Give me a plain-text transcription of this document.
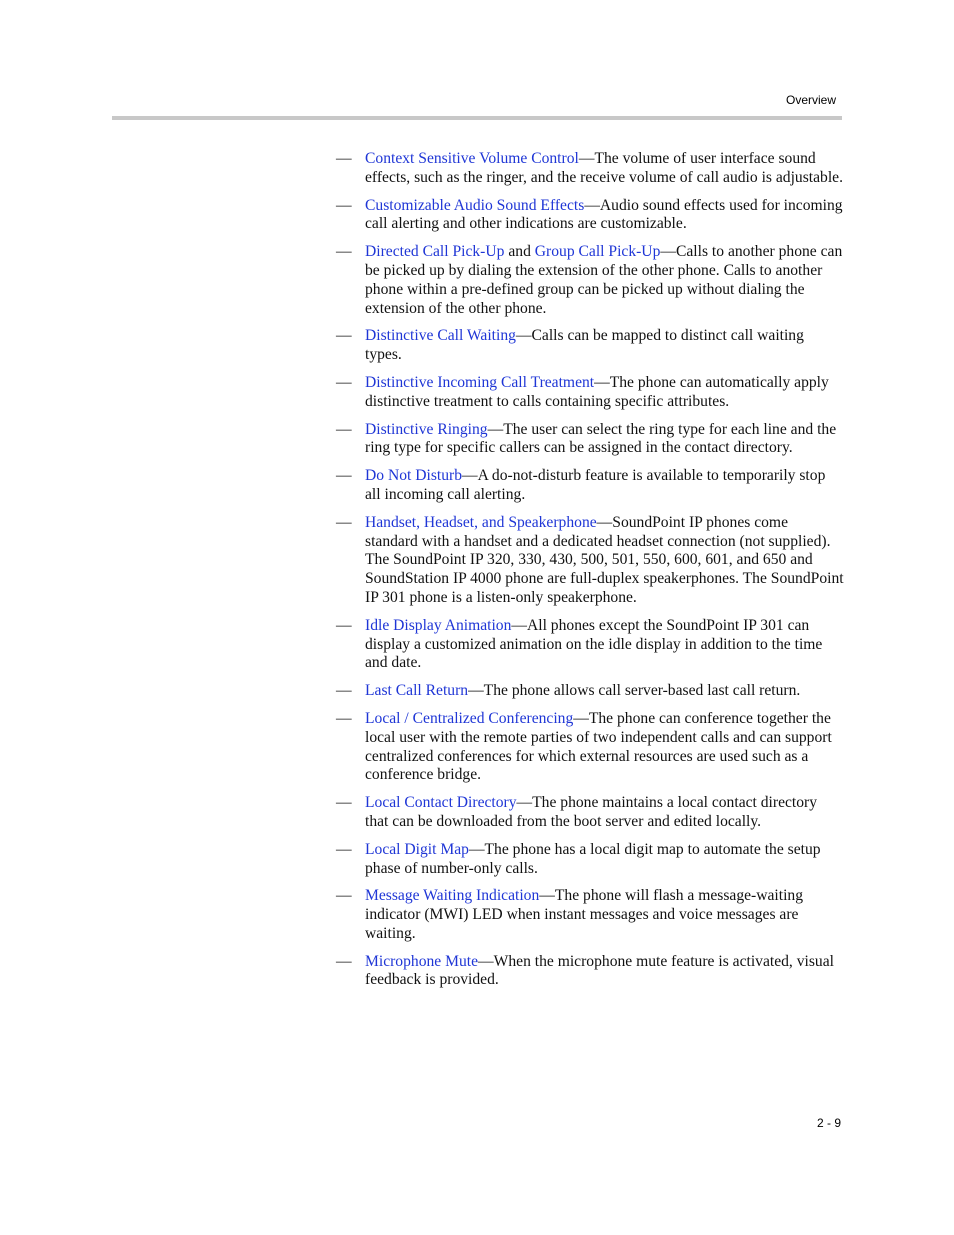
Overview
— Context Sensitive Volume Control—The volume of user interface sound effects, such as the ringer, and the receive volume of call audio is adjustable.
— Customizable Audio Sound Effects—Audio sound effects used for incoming call alerting and other indications are customizable.
— Directed Call Pick-Up and Group Call Pick-Up—Calls to another phone can be picked up by dialing the extension of the other phone. Calls to another phone within a pre-defined group can be picked up without dialing the extension of the other phone.
— Distinctive Call Waiting—Calls can be mapped to distinct call waiting types.
— Distinctive Incoming Call Treatment—The phone can automatically apply distinctive treatment to calls containing specific attributes.
— Distinctive Ringing—The user can select the ring type for each line and the ring type for specific callers can be assigned in the contact directory.
— Do Not Disturb—A do-not-disturb feature is available to temporarily stop all incoming call alerting.
— Handset, Headset, and Speakerphone—SoundPoint IP phones come standard with a handset and a dedicated headset connection (not supplied). The SoundPoint IP 320, 330, 430, 500, 501, 550, 600, 601, and 650 and SoundStation IP 4000 phone are full-duplex speakerphones. The SoundPoint IP 301 phone is a listen-only speakerphone.
— Idle Display Animation—All phones except the SoundPoint IP 301 can display a customized animation on the idle display in addition to the time and date.
— Last Call Return—The phone allows call server-based last call return.
— Local / Centralized Conferencing—The phone can conference together the local user with the remote parties of two independent calls and can support centralized conferences for which external resources are used such as a conference bridge.
— Local Contact Directory—The phone maintains a local contact directory that can be downloaded from the boot server and edited locally.
— Local Digit Map—The phone has a local digit map to automate the setup phase of number-only calls.
— Message Waiting Indication—The phone will flash a message-waiting indicator (MWI) LED when instant messages and voice messages are waiting.
— Microphone Mute—When the microphone mute feature is activated, visual feedback is provided.
2 - 9
